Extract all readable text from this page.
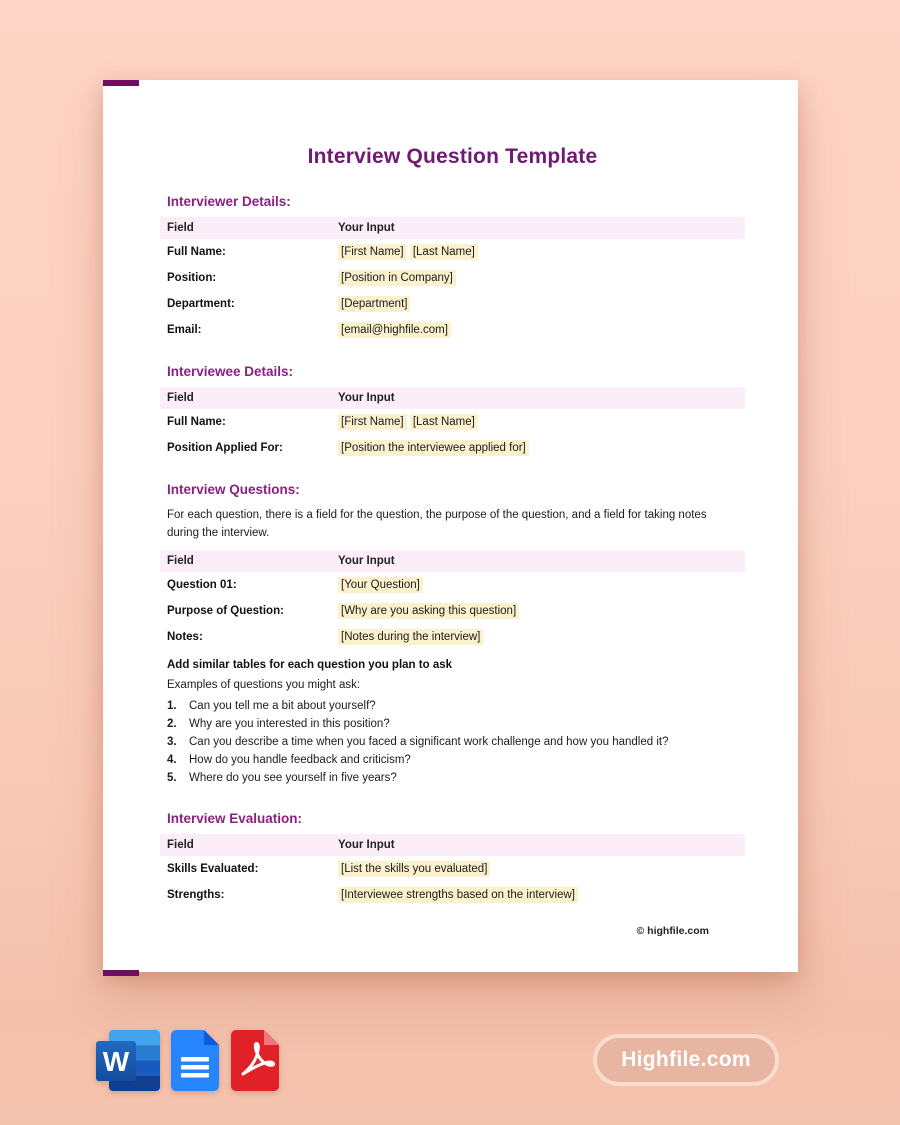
Interview Question Template
Interviewer Details:
Field	Your Input
Full Name:	[First Name] [Last Name]
Position:	[Position in Company]
Department:	[Department]
Email:	[email@highfile.com]
Interviewee Details:
Field	Your Input
Full Name:	[First Name] [Last Name]
Position Applied For:	[Position the interviewee applied for]
Interview Questions:

For each question, there is a field for the question, the purpose of the question, and a field for taking notes during the interview.

Field	Your Input
Question 01:	[Your Question]
Purpose of Question:	[Why are you asking this question]
Notes:	[Notes during the interview]
Add similar tables for each question you plan to ask
Examples of questions you might ask:
1.	Can you tell me a bit about yourself?
2.	Why are you interested in this position?
3.	Can you describe a time when you faced a significant work challenge and how you handled it?
4.	How do you handle feedback and criticism?
5.	Where do you see yourself in five years?
Interview Evaluation:
Field	Your Input
Skills Evaluated:	[List the skills you evaluated]
Strengths:	[Interviewee strengths based on the interview]
© highfile.com
W	Highfile.com
